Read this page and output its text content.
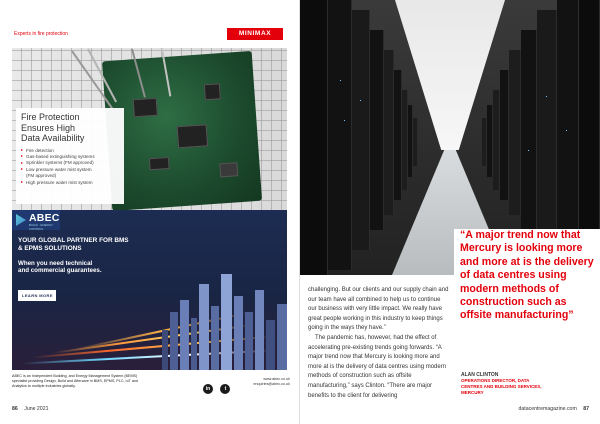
Experts in fire protection	MINIMAX
Fire Protection
Ensures High
Data Availability
Fire detection
Gas-based extinguishing systems
Sprinkler systems (FM approved)
Low pressure water mist system
(FM approved)
High pressure water mist system
ABEC
BUILD · ENERGY · CONTROL
YOUR GLOBAL PARTNER FOR BMS
& EPMS SOLUTIONS
When you need technical
and commercial guarantees.
LEARN MORE
ABEC is an Independent Building, and Energy Management System (BEMS)
specialist providing Design, Build and Aftercare in BMS, EPMS, PLC, IoT and
Analytics to multiple industries globally.	in	t
www.abec.co.uk
enquiries@abec.co.uk
86 June 2021
“A major trend now that Mercury is looking more and more at is the delivery of data centres using modern methods of construction such as offsite manufacturing”

challenging. But our clients and our supply chain and our team have all combined to help us to continue our business with very little impact. We really have great people working in this industry to keep things going in the ways they have.”

The pandemic has, however, had the effect of accelerating pre-existing trends going forwards. “A major trend now that Mercury is looking more and more at is the delivery of data centres using modern methods of construction such as offsite manufacturing,” says Clinton. “There are major benefits to the client for delivering

ALAN CLINTON
OPERATIONS DIRECTOR, DATA
CENTRES AND BUILDING SERVICES,
MERCURY
datacentremagazine.com 87
